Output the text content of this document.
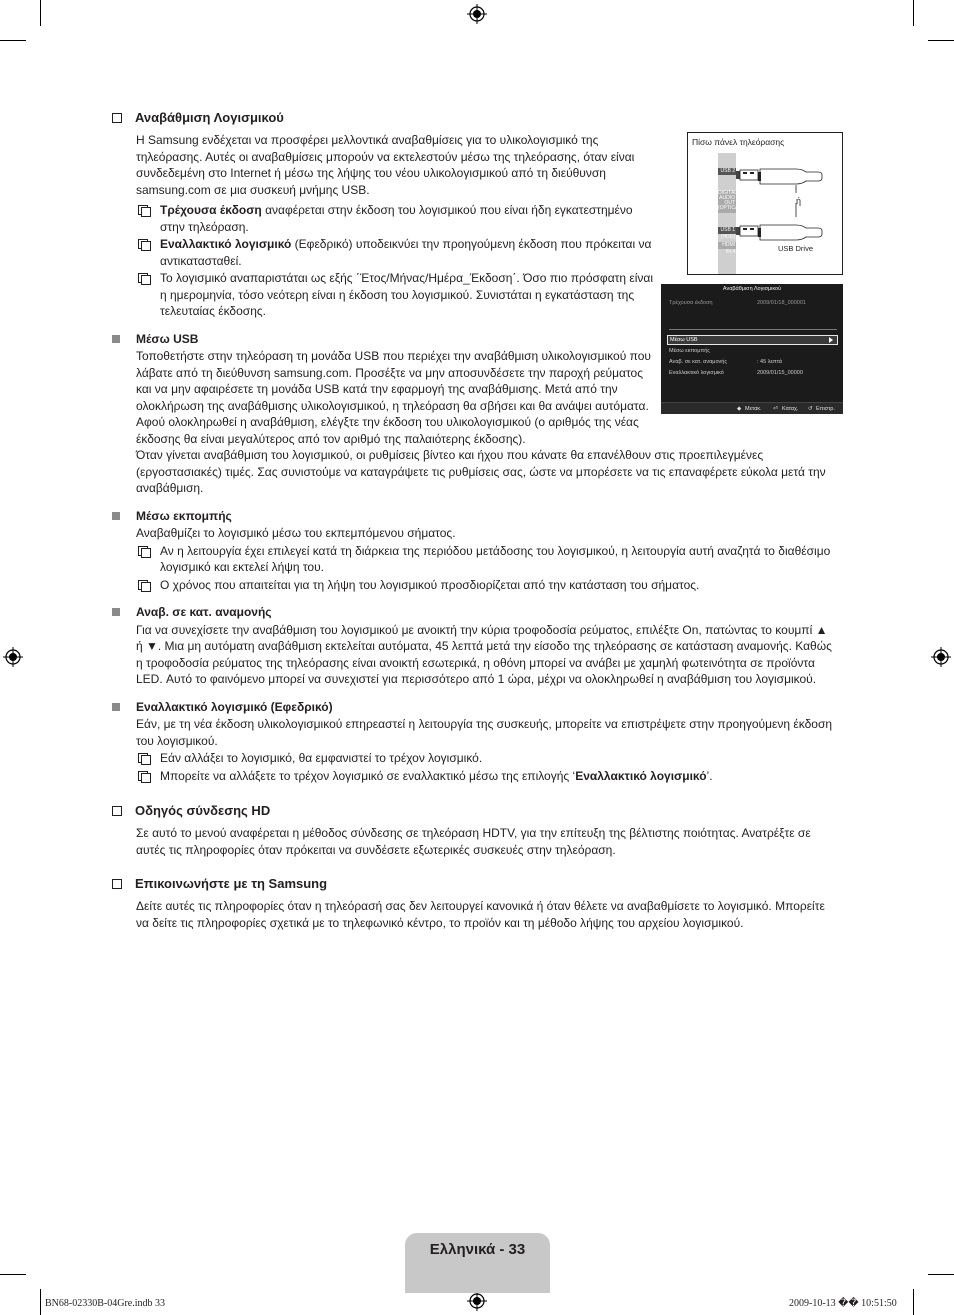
Αναβάθμιση Λογισμικού
Η Samsung ενδέχεται να προσφέρει μελλοντικά αναβαθμίσεις για το υλικολογισμικό της τηλεόρασης. Αυτές οι αναβαθμίσεις μπορούν να εκτελεστούν μέσω της τηλεόρασης, όταν είναι συνδεδεμένη στο Internet ή μέσω της λήψης του νέου υλικολογισμικού από τη διεύθυνση samsung.com σε μια συσκευή μνήμης USB.
Τρέχουσα έκδοση αναφέρεται στην έκδοση του λογισμικού που είναι ήδη εγκατεστημένο στην τηλεόραση.
Εναλλακτικό λογισμικό (Εφεδρικό) υποδεικνύει την προηγούμενη έκδοση που πρόκειται να αντικατασταθεί.
Το λογισμικό αναπαριστάται ως εξής ΄Έτος/Μήνας/Ημέρα_Έκδοση΄. Όσο πιο πρόσφατη είναι η ημερομηνία, τόσο νεότερη είναι η έκδοση του λογισμικού. Συνιστάται η εγκατάσταση της τελευταίας έκδοσης.
Μέσω USB
Τοποθετήστε στην τηλεόραση τη μονάδα USB που περιέχει την αναβάθμιση υλικολογισμικού που λάβατε από τη διεύθυνση samsung.com. Προσέξτε να μην αποσυνδέσετε την παροχή ρεύματος και να μην αφαιρέσετε τη μονάδα USB κατά την εφαρμογή της αναβάθμισης. Μετά από την ολοκλήρωση της αναβάθμισης υλικολογισμικού, η τηλεόραση θα σβήσει και θα ανάψει αυτόματα. Αφού ολοκληρωθεί η αναβάθμιση, ελέγξτε την έκδοση του υλικολογισμικού (ο αριθμός της νέας έκδοσης θα είναι μεγαλύτερος από τον αριθμό της παλαιότερης έκδοσης).
Όταν γίνεται αναβάθμιση του λογισμικού, οι ρυθμίσεις βίντεο και ήχου που κάνατε θα επανέλθουν στις προεπιλεγμένες (εργοστασιακές) τιμές. Σας συνιστούμε να καταγράψετε τις ρυθμίσεις σας, ώστε να μπορέσετε να τις επαναφέρετε εύκολα μετά την αναβάθμιση.
Μέσω εκπομπής
Αναβαθμίζει το λογισμικό μέσω του εκπεμπόμενου σήματος.
Αν η λειτουργία έχει επιλεγεί κατά τη διάρκεια της περιόδου μετάδοσης του λογισμικού, η λειτουργία αυτή αναζητά το διαθέσιμο λογισμικό και εκτελεί λήψη του.
Ο χρόνος που απαιτείται για τη λήψη του λογισμικού προσδιορίζεται από την κατάσταση του σήματος.
Αναβ. σε κατ. αναμονής
Για να συνεχίσετε την αναβάθμιση του λογισμικού με ανοικτή την κύρια τροφοδοσία ρεύματος, επιλέξτε On, πατώντας το κουμπί ▲ ή ▼. Μια μη αυτόματη αναβάθμιση εκτελείται αυτόματα, 45 λεπτά μετά την είσοδο της τηλεόρασης σε κατάσταση αναμονής. Καθώς η τροφοδοσία ρεύματος της τηλεόρασης είναι ανοικτή εσωτερικά, η οθόνη μπορεί να ανάβει με χαμηλή φωτεινότητα σε προϊόντα LED. Αυτό το φαινόμενο μπορεί να συνεχιστεί για περισσότερο από 1 ώρα, μέχρι να ολοκληρωθεί η αναβάθμιση του λογισμικού.
Εναλλακτικό λογισμικό (Εφεδρικό)
Εάν, με τη νέα έκδοση υλικολογισμικού επηρεαστεί η λειτουργία της συσκευής, μπορείτε να επιστρέψετε στην προηγούμενη έκδοση του λογισμικού.
Εάν αλλάξει το λογισμικό, θα εμφανιστεί το τρέχον λογισμικό.
Μπορείτε να αλλάξετε το τρέχον λογισμικό σε εναλλακτικό μέσω της επιλογής ‘Εναλλακτικό λογισμικό’.
Οδηγός σύνδεσης HD
Σε αυτό το μενού αναφέρεται η μέθοδος σύνδεσης σε τηλεόραση HDTV, για την επίτευξη της βέλτιστης ποιότητας. Ανατρέξτε σε αυτές τις πληροφορίες όταν πρόκειται να συνδέσετε εξωτερικές συσκευές στην τηλεόραση.
Επικοινωνήστε με τη Samsung
Δείτε αυτές τις πληροφορίες όταν η τηλεόρασή σας δεν λειτουργεί κανονικά ή όταν θέλετε να αναβαθμίσετε το λογισμικό. Μπορείτε να δείτε τις πληροφορίες σχετικά με το τηλεφωνικό κέντρο, το προϊόν και τη μέθοδο λήψης του αρχείου λογισμικού.
Πίσω πάνελ τηλεόρασης
USB 2
DIGITAL AUDIO OUT (OPTICAL)
USB 1 (HDD)
HDMI IN 4
ή
USB Drive
Αναβάθμιση Λογισμικού
Τρέχουσα έκδοση	2009/01/18_000001
Μέσω USB
Μέσω εκπομπής
Αναβ. σε κατ. αναμονής	: 45 λεπτά
Εναλλακτικό λογισμικό	2009/01/15_00000
◆ Μετακ. ⏎ Καταχ. ↺ Επιστρ.
Ελληνικά - 33
BN68-02330B-04Gre.indb 33	2009-10-13 �� 10:51:50
